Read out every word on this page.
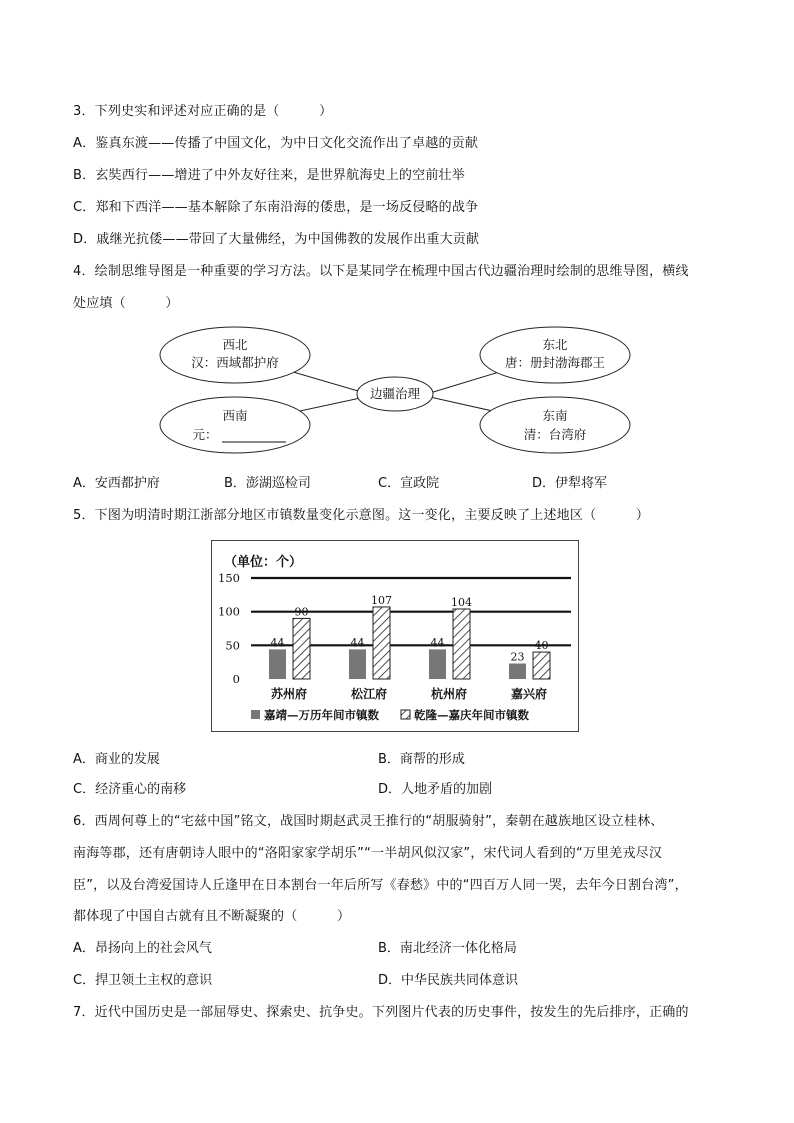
3．下列史实和评述对应正确的是（　　　）
A．鉴真东渡——传播了中国文化，为中日文化交流作出了卓越的贡献
B．玄奘西行——增进了中外友好往来，是世界航海史上的空前壮举
C．郑和下西洋——基本解除了东南沿海的倭患，是一场反侵略的战争
D．戚继光抗倭——带回了大量佛经，为中国佛教的发展作出重大贡献
4．绘制思维导图是一种重要的学习方法。以下是某同学在梳理中国古代边疆治理时绘制的思维导图，横线
处应填（　　　）
西北
汉：西域都护府
东北
唐：册封渤海郡王
西南
元：
东南
清：台湾府
边疆治理
A．安西都护府	B．澎湖巡检司	C．宣政院	D．伊犁将军
5．下图为明清时期江浙部分地区市镇数量变化示意图。这一变化，主要反映了上述地区（　　　）
（单位：个）
0
50
100
150
44
90
44
107
44
104
23
40
苏州府	松江府	杭州府	嘉兴府
嘉靖—万历年间市镇数	乾隆—嘉庆年间市镇数
A．商业的发展	B．商帮的形成
C．经济重心的南移	D．人地矛盾的加剧
6．西周何尊上的“宅兹中国”铭文，战国时期赵武灵王推行的“胡服骑射”，秦朝在越族地区设立桂林、
南海等郡，还有唐朝诗人眼中的“洛阳家家学胡乐”“一半胡风似汉家”，宋代词人看到的“万里羌戎尽汉
臣”，以及台湾爱国诗人丘逢甲在日本割台一年后所写《春愁》中的“四百万人同一哭，去年今日割台湾”，
都体现了中国自古就有且不断凝聚的（　　　）
A．昂扬向上的社会风气	B．南北经济一体化格局
C．捍卫领土主权的意识	D．中华民族共同体意识
7．近代中国历史是一部屈辱史、探索史、抗争史。下列图片代表的历史事件，按发生的先后排序，正确的
